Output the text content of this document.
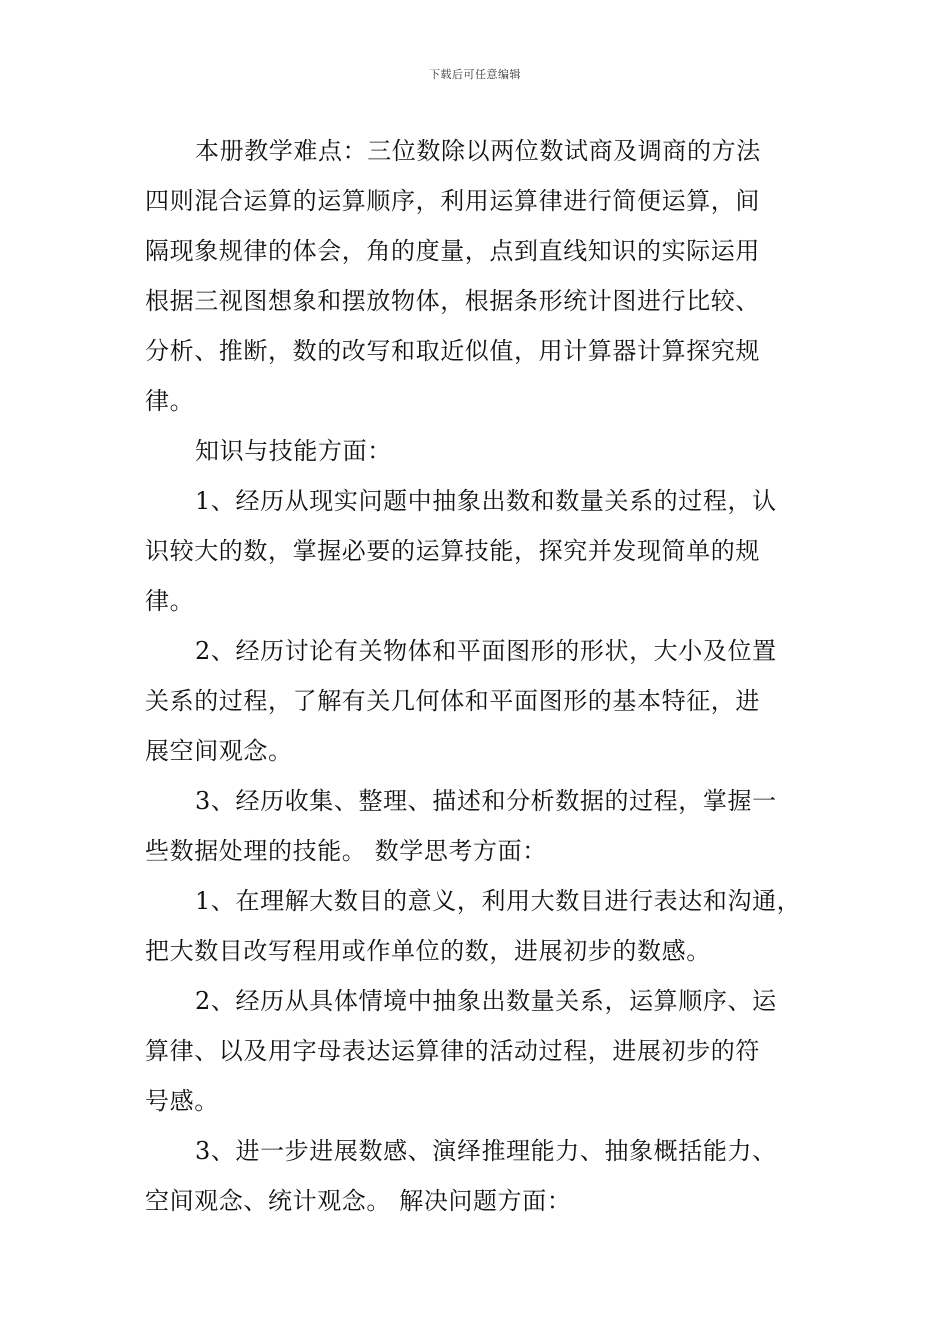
下载后可任意编辑
本册教学难点：三位数除以两位数试商及调商的方法
四则混合运算的运算顺序，利用运算律进行简便运算，间
隔现象规律的体会，角的度量，点到直线知识的实际运用
根据三视图想象和摆放物体，根据条形统计图进行比较、
分析、推断，数的改写和取近似值，用计算器计算探究规
律。
知识与技能方面：
1、经历从现实问题中抽象出数和数量关系的过程，认
识较大的数，掌握必要的运算技能，探究并发现简单的规
律。
2、经历讨论有关物体和平面图形的形状，大小及位置
关系的过程，了解有关几何体和平面图形的基本特征，进
展空间观念。
3、经历收集、整理、描述和分析数据的过程，掌握一
些数据处理的技能。 数学思考方面：
1、在理解大数目的意义，利用大数目进行表达和沟通，
把大数目改写程用或作单位的数，进展初步的数感。
2、经历从具体情境中抽象出数量关系，运算顺序、运
算律、以及用字母表达运算律的活动过程，进展初步的符
号感。
3、进一步进展数感、演绎推理能力、抽象概括能力、
空间观念、统计观念。 解决问题方面：
